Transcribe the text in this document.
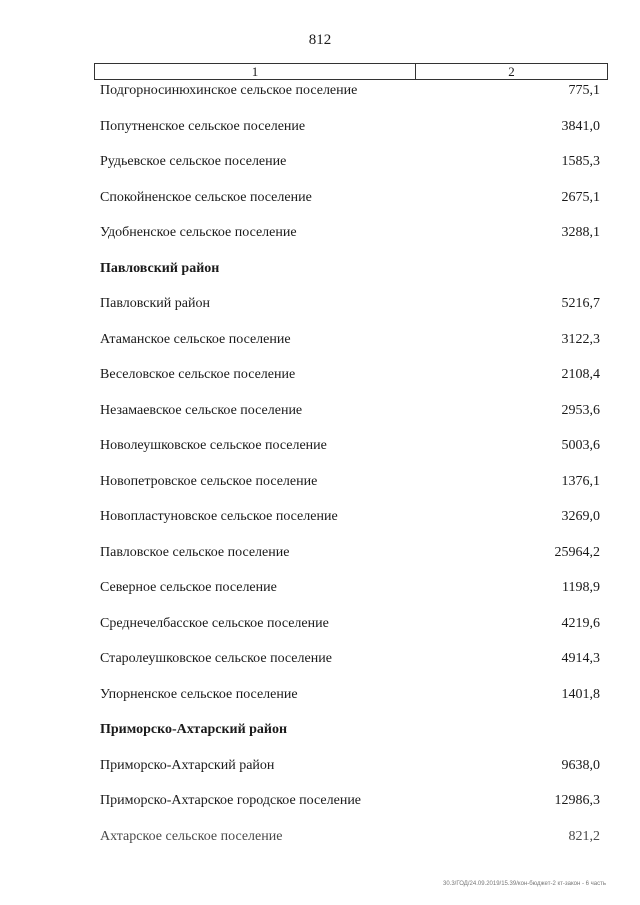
812
1	2
Подгорносинюхинское сельское поселение	775,1
Попутненское сельское поселение	3841,0
Рудьевское сельское поселение	1585,3
Спокойненское сельское поселение	2675,1
Удобненское сельское поселение	3288,1
Павловский район
Павловский район	5216,7
Атаманское сельское поселение	3122,3
Веселовское сельское поселение	2108,4
Незамаевское сельское поселение	2953,6
Новолеушковское сельское поселение	5003,6
Новопетровское сельское поселение	1376,1
Новопластуновское сельское поселение	3269,0
Павловское сельское поселение	25964,2
Северное сельское поселение	1198,9
Среднечелбасское сельское поселение	4219,6
Старолеушковское сельское поселение	4914,3
Упорненское сельское поселение	1401,8
Приморско-Ахтарский район
Приморско-Ахтарский район	9638,0
Приморско-Ахтарское городское поселение	12986,3
Ахтарское сельское поселение	821,2
30.3/ГОД/24.09.2019/15.39/кон-бюджет-2 кт-закон - 6 часть
